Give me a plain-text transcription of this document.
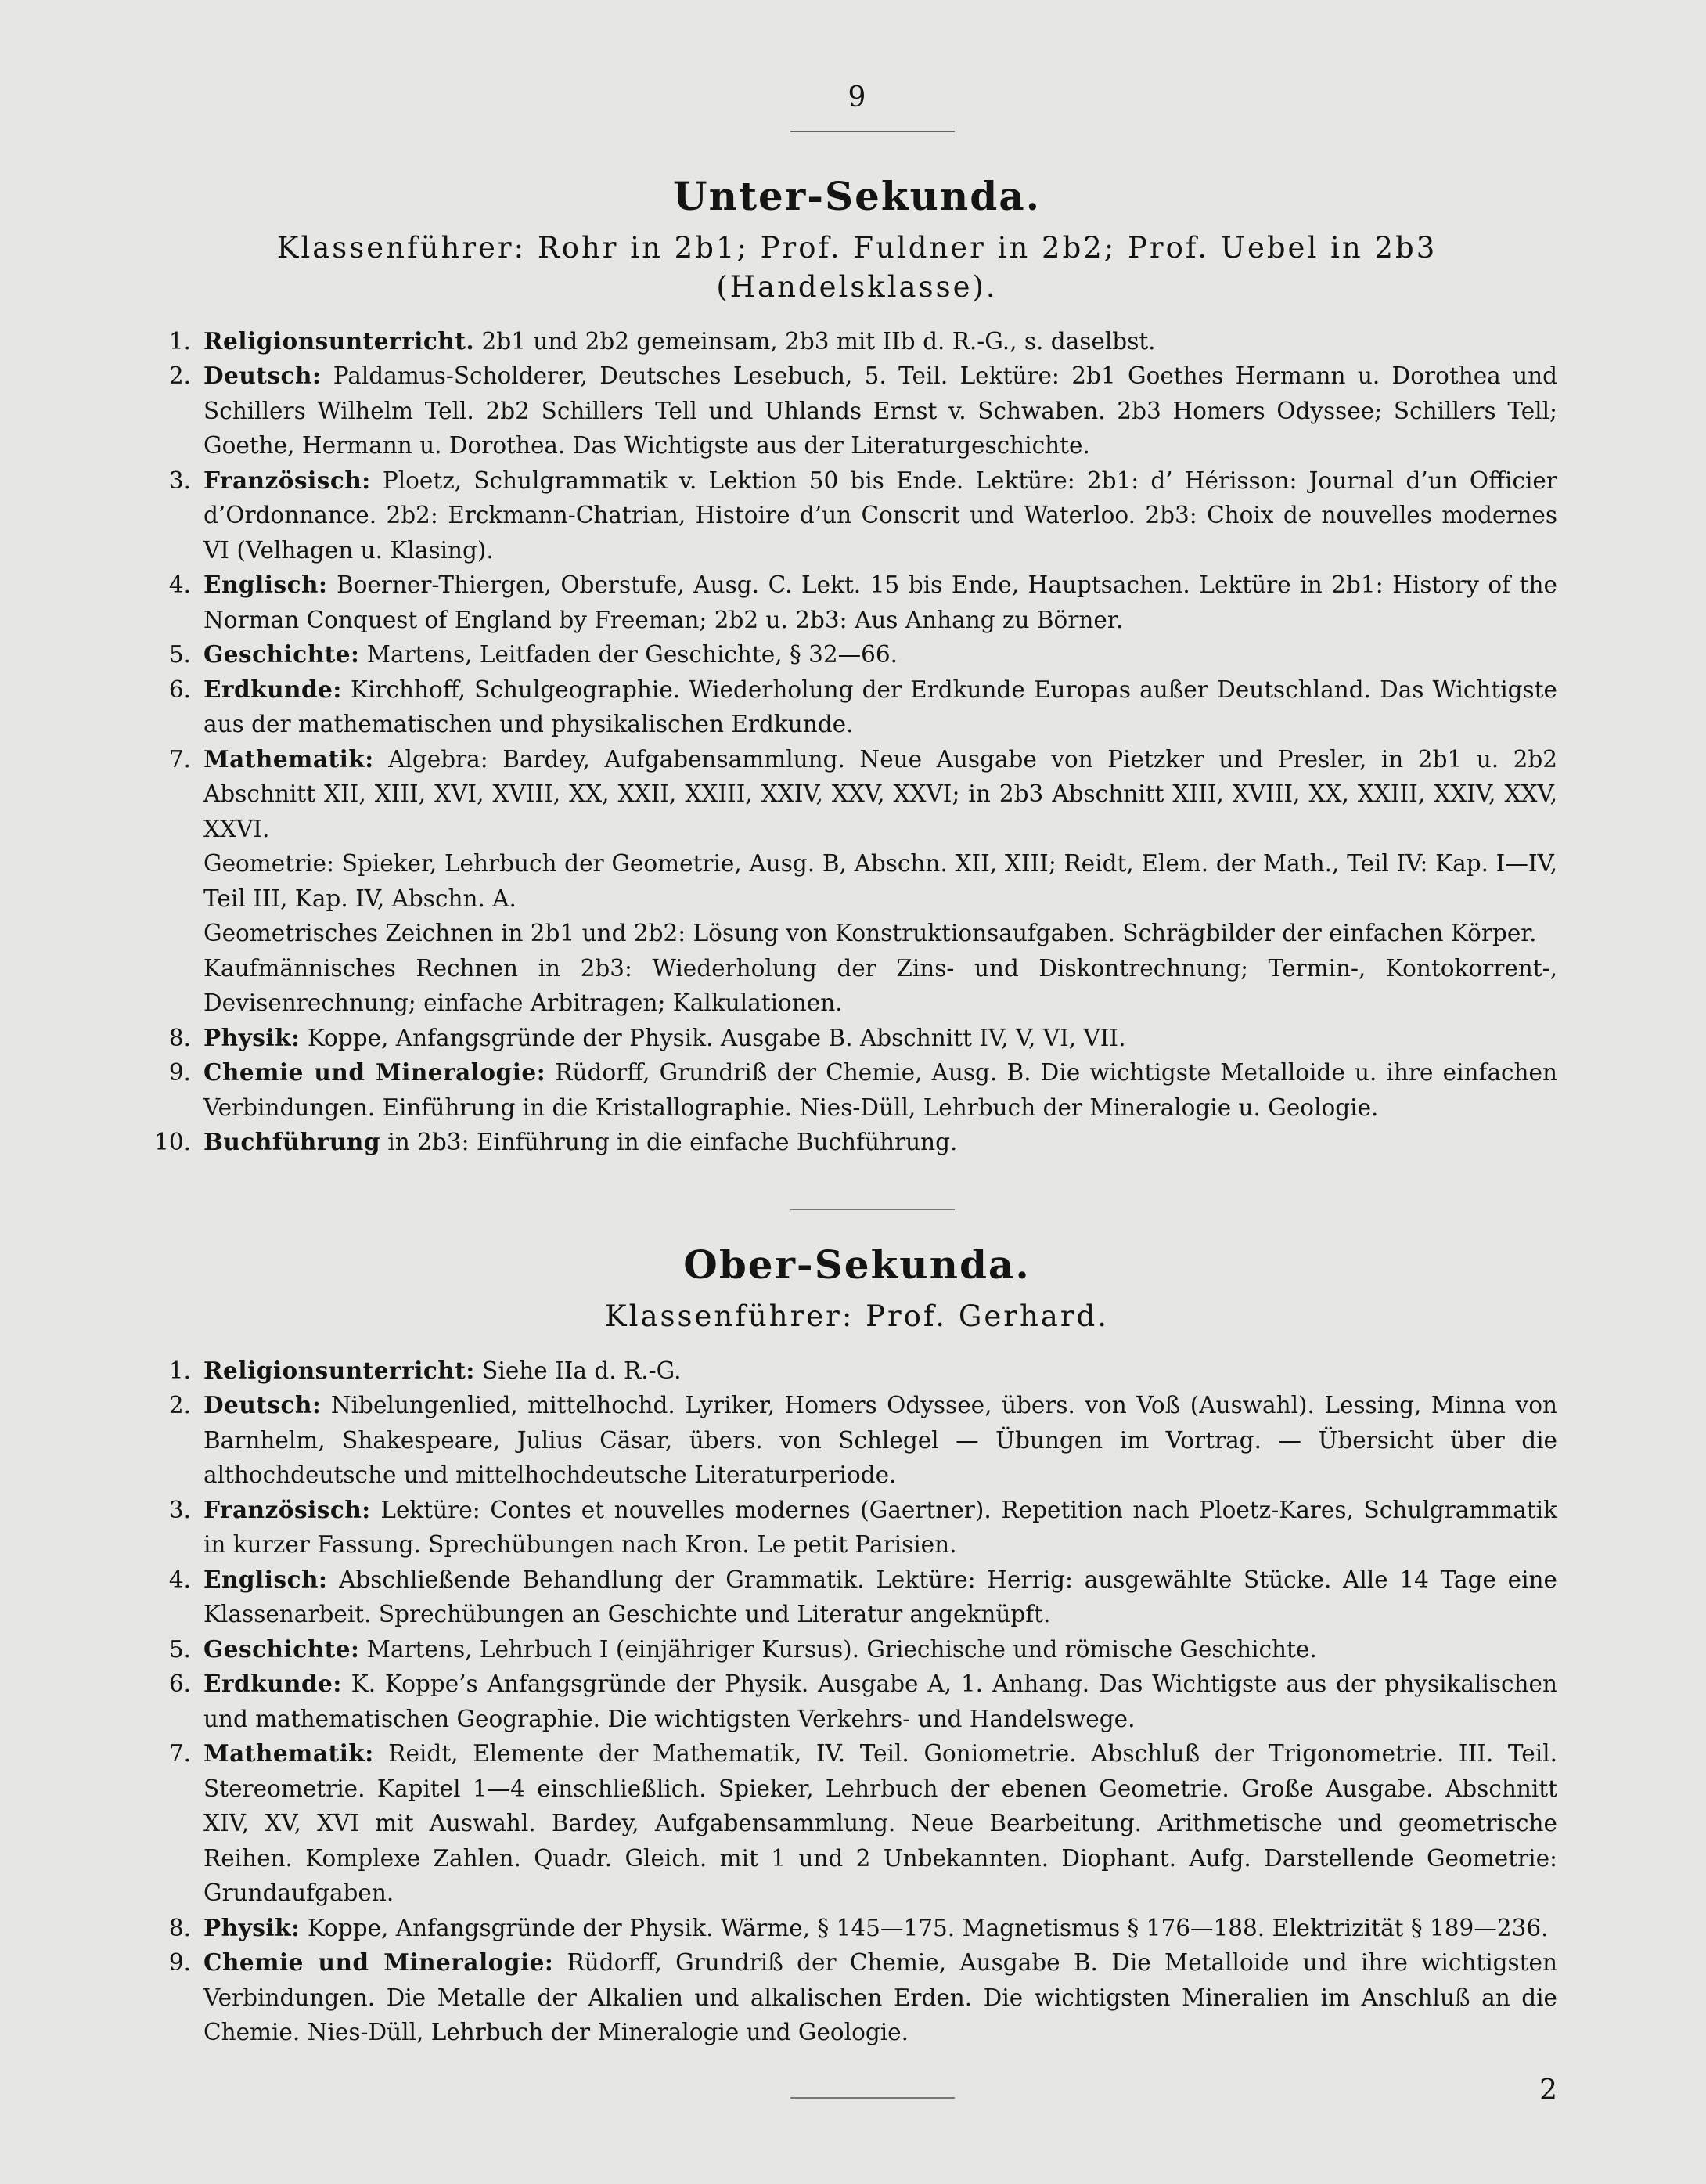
9
Unter-Sekunda.
Klassenführer: Rohr in 2b1; Prof. Fuldner in 2b2; Prof. Uebel in 2b3 (Handelsklasse).
1. Religionsunterricht. 2b1 und 2b2 gemeinsam, 2b3 mit IIb d. R.-G., s. daselbst.
2. Deutsch: Paldamus-Scholderer, Deutsches Lesebuch, 5. Teil. Lektüre: 2b1 Goethes Hermann u. Dorothea und Schillers Wilhelm Tell. 2b2 Schillers Tell und Uhlands Ernst v. Schwaben. 2b3 Homers Odyssee; Schillers Tell; Goethe, Hermann u. Dorothea. Das Wichtigste aus der Literaturgeschichte.
3. Französisch: Ploetz, Schulgrammatik v. Lektion 50 bis Ende. Lektüre: 2b1: d’ Hérisson: Journal d’un Officier d’Ordonnance. 2b2: Erckmann-Chatrian, Histoire d’un Conscrit und Waterloo. 2b3: Choix de nouvelles modernes VI (Velhagen u. Klasing).
4. Englisch: Boerner-Thiergen, Oberstufe, Ausg. C. Lekt. 15 bis Ende, Hauptsachen. Lektüre in 2b1: History of the Norman Conquest of England by Freeman; 2b2 u. 2b3: Aus Anhang zu Börner.
5. Geschichte: Martens, Leitfaden der Geschichte, § 32—66.
6. Erdkunde: Kirchhoff, Schulgeographie. Wiederholung der Erdkunde Europas außer Deutschland. Das Wichtigste aus der mathematischen und physikalischen Erdkunde.
7. Mathematik: Algebra: Bardey, Aufgabensammlung. Neue Ausgabe von Pietzker und Presler, in 2b1 u. 2b2 Abschnitt XII, XIII, XVI, XVIII, XX, XXII, XXIII, XXIV, XXV, XXVI; in 2b3 Abschnitt XIII, XVIII, XX, XXIII, XXIV, XXV, XXVI.
Geometrie: Spieker, Lehrbuch der Geometrie, Ausg. B, Abschn. XII, XIII; Reidt, Elem. der Math., Teil IV: Kap. I—IV, Teil III, Kap. IV, Abschn. A.
Geometrisches Zeichnen in 2b1 und 2b2: Lösung von Konstruktionsaufgaben. Schrägbilder der einfachen Körper.
Kaufmännisches Rechnen in 2b3: Wiederholung der Zins- und Diskontrechnung; Termin-, Kontokorrent-, Devisenrechnung; einfache Arbitragen; Kalkulationen.
8. Physik: Koppe, Anfangsgründe der Physik. Ausgabe B. Abschnitt IV, V, VI, VII.
9. Chemie und Mineralogie: Rüdorff, Grundriß der Chemie, Ausg. B. Die wichtigste Metalloide u. ihre einfachen Verbindungen. Einführung in die Kristallographie. Nies-Düll, Lehrbuch der Mineralogie u. Geologie.
10. Buchführung in 2b3: Einführung in die einfache Buchführung.
Ober-Sekunda.
Klassenführer: Prof. Gerhard.
1. Religionsunterricht: Siehe IIa d. R.-G.
2. Deutsch: Nibelungenlied, mittelhochd. Lyriker, Homers Odyssee, übers. von Voß (Auswahl). Lessing, Minna von Barnhelm, Shakespeare, Julius Cäsar, übers. von Schlegel — Übungen im Vortrag. — Übersicht über die althochdeutsche und mittelhochdeutsche Literaturperiode.
3. Französisch: Lektüre: Contes et nouvelles modernes (Gaertner). Repetition nach Ploetz-Kares, Schulgrammatik in kurzer Fassung. Sprechübungen nach Kron. Le petit Parisien.
4. Englisch: Abschließende Behandlung der Grammatik. Lektüre: Herrig: ausgewählte Stücke. Alle 14 Tage eine Klassenarbeit. Sprechübungen an Geschichte und Literatur angeknüpft.
5. Geschichte: Martens, Lehrbuch I (einjähriger Kursus). Griechische und römische Geschichte.
6. Erdkunde: K. Koppe’s Anfangsgründe der Physik. Ausgabe A, 1. Anhang. Das Wichtigste aus der physikalischen und mathematischen Geographie. Die wichtigsten Verkehrs- und Handelswege.
7. Mathematik: Reidt, Elemente der Mathematik, IV. Teil. Goniometrie. Abschluß der Trigonometrie. III. Teil. Stereometrie. Kapitel 1—4 einschließlich. Spieker, Lehrbuch der ebenen Geometrie. Große Ausgabe. Abschnitt XIV, XV, XVI mit Auswahl. Bardey, Aufgabensammlung. Neue Bearbeitung. Arithmetische und geometrische Reihen. Komplexe Zahlen. Quadr. Gleich. mit 1 und 2 Unbekannten. Diophant. Aufg. Darstellende Geometrie: Grundaufgaben.
8. Physik: Koppe, Anfangsgründe der Physik. Wärme, § 145—175. Magnetismus § 176—188. Elektrizität § 189—236.
9. Chemie und Mineralogie: Rüdorff, Grundriß der Chemie, Ausgabe B. Die Metalloide und ihre wichtigsten Verbindungen. Die Metalle der Alkalien und alkalischen Erden. Die wichtigsten Mineralien im Anschluß an die Chemie. Nies-Düll, Lehrbuch der Mineralogie und Geologie.
2
